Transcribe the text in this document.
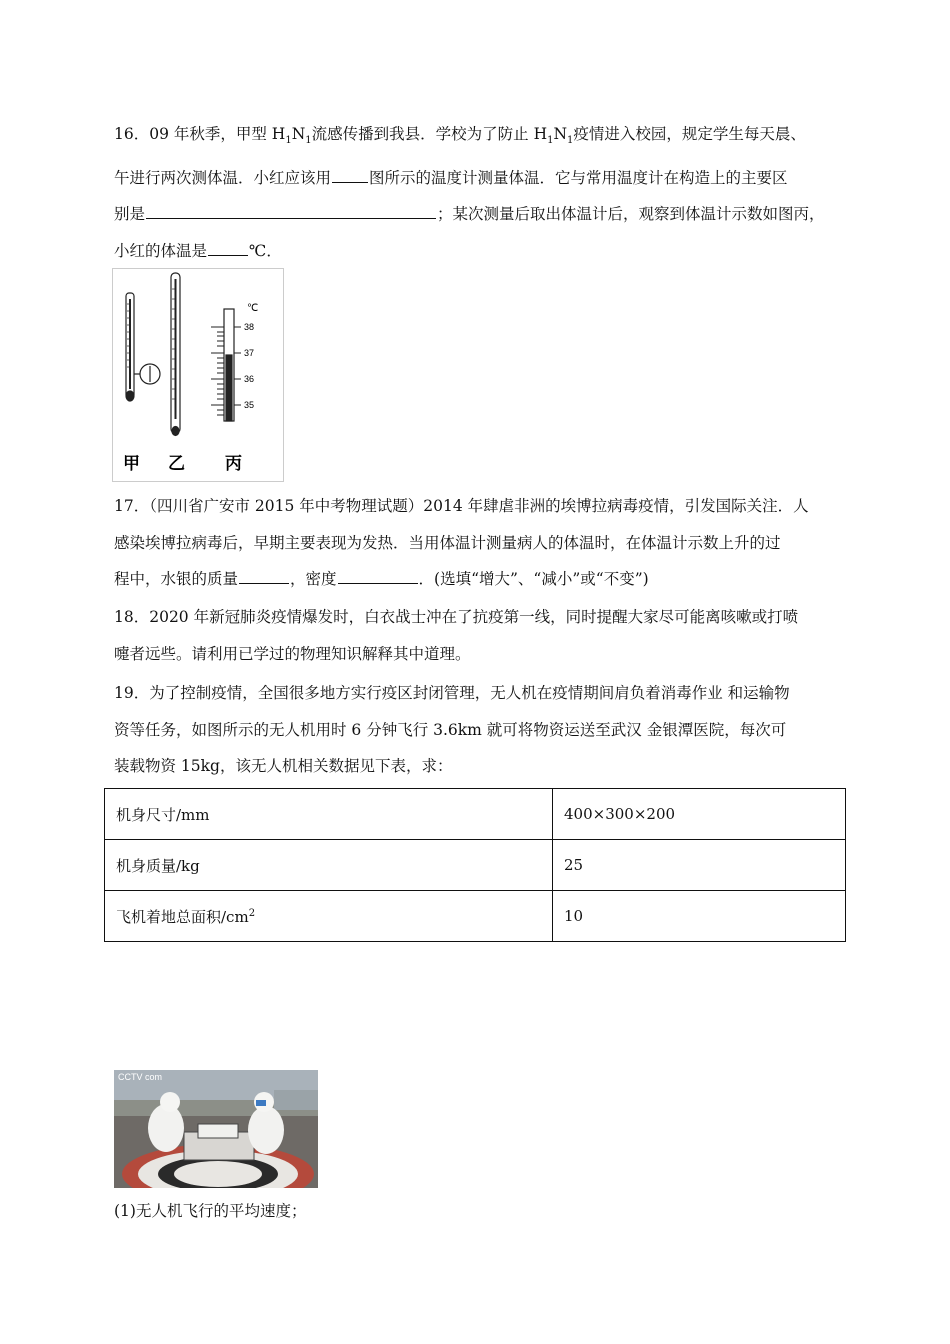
16．09 年秋季，甲型 $H_1N_1$流感传播到我县．学校为了防止 $H_1N_1$疫情进入校园，规定学生每天晨、
午进行两次测体温．小红应该用 图所示的温度计测量体温．它与常用温度计在构造上的主要区
别是	；某次测量后取出体温计后，观察到体温计示数如图丙，
小红的体温是	℃．
℃
38
37
36
35
甲 乙 丙
17．（四川省广安市 2015 年中考物理试题）2014 年肆虐非洲的埃博拉病毒疫情，引发国际关注．人
感染埃博拉病毒后，早期主要表现为发热．当用体温计测量病人的体温时，在体温计示数上升的过
程中，水银的质量	，密度	．(选填“增大”、“减小”或“不变”)
18．2020 年新冠肺炎疫情爆发时，白衣战士冲在了抗疫第一线，同时提醒大家尽可能离咳嗽或打喷
嚏者远些。请利用已学过的物理知识解释其中道理。
19．为了控制疫情，全国很多地方实行疫区封闭管理，无人机在疫情期间肩负着消毒作业 和运输物
资等任务，如图所示的无人机用时 6 分钟飞行 3.6km 就可将物资运送至武汉 金银潭医院，每次可
装载物资 15kg，该无人机相关数据见下表，求：
机身尺寸/mm	400×300×200
机身质量/kg	25
飞机着地总面积$/cm^2$	10
CCTV com
(1)无人机飞行的平均速度；
